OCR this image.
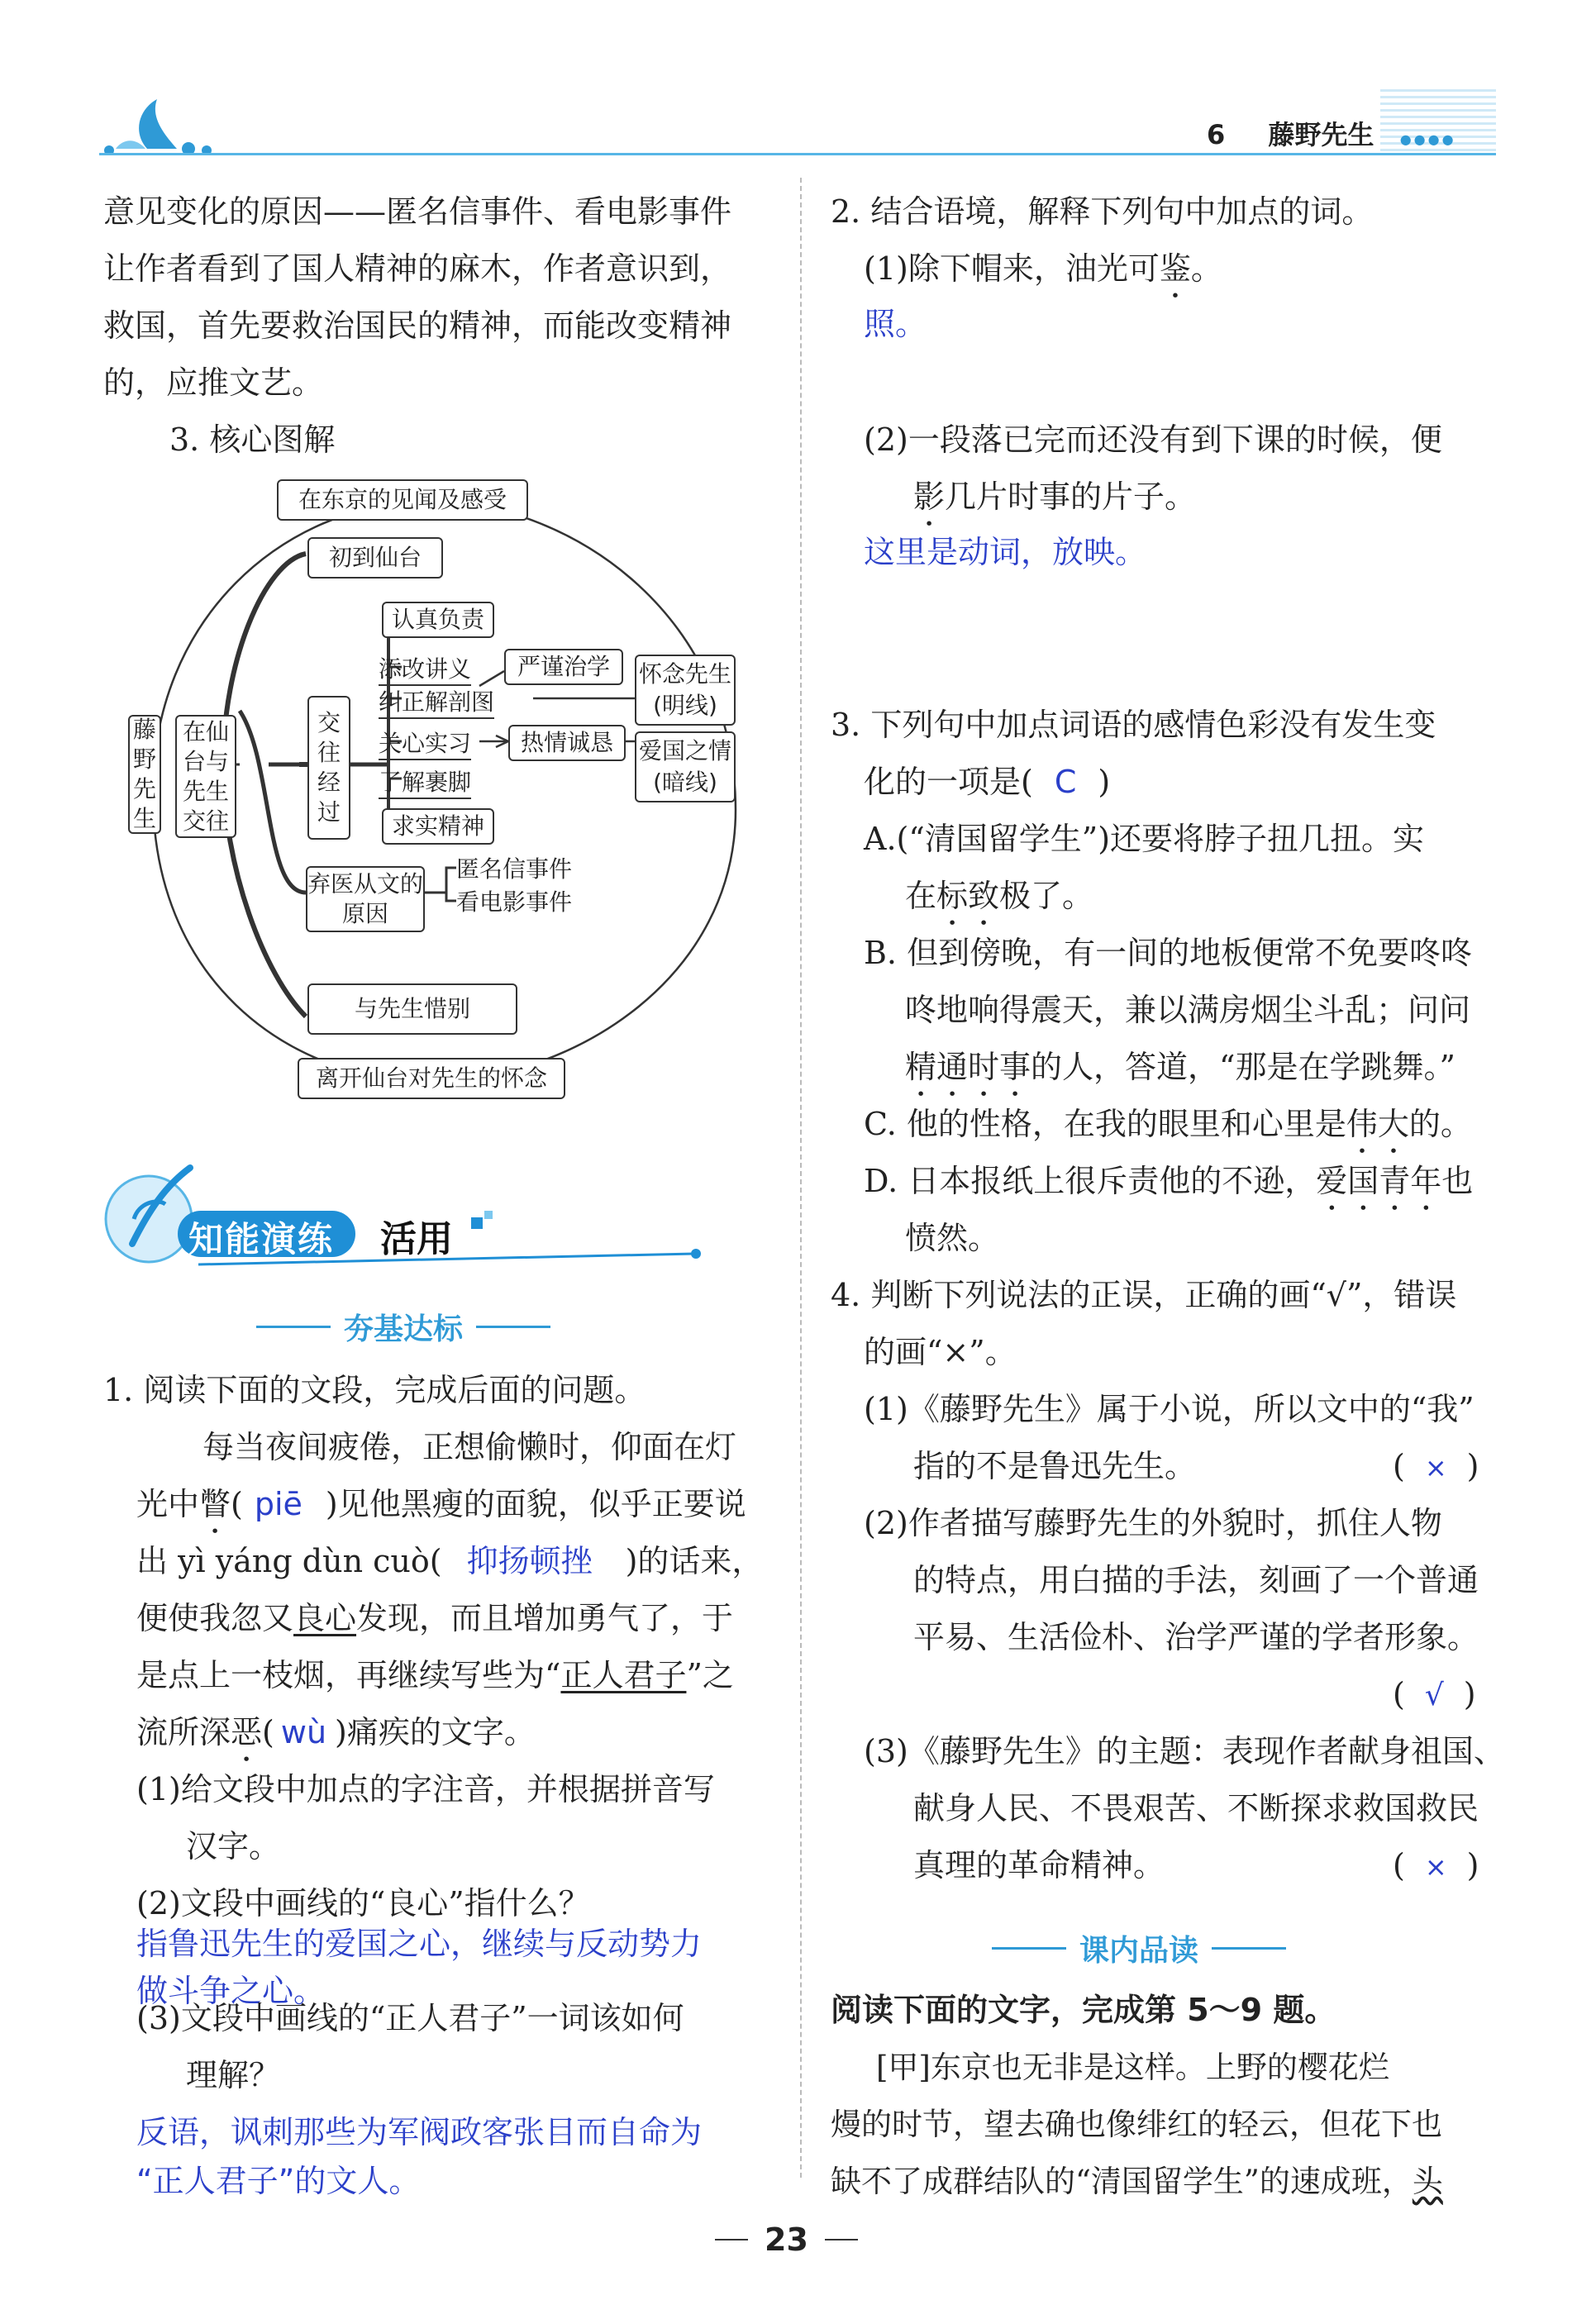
6 藤野先生 ●●●●
意见变化的原因——匿名信事件、看电影事件
让作者看到了国人精神的麻木，作者意识到，
救国，首先要救治国民的精神，而能改变精神
的，应推文艺。
3. 核心图解
在东京的见闻及感受
初到仙台
藤野先生
在仙台与先生交往
交往经过
认真负责
添改讲义
纠正解剖图
关心实习
了解裹脚
求实精神
严谨治学
热情诚恳
怀念先生(明线)
爱国之情(暗线)
弃医从文的原因
匿名信事件
看电影事件
与先生惜别
离开仙台对先生的怀念
知能演练 活用
夯基达标
1. 阅读下面的文段，完成后面的问题。
每当夜间疲倦，正想偷懒时，仰面在灯
光中瞥( piē )见他黑瘦的面貌，似乎正要说
出 yì yáng dùn cuò( 抑扬顿挫 )的话来，
便使我忽又良心发现，而且增加勇气了，于
是点上一枝烟，再继续写些为“正人君子”之
流所深恶( wù )痛疾的文字。
(1)给文段中加点的字注音，并根据拼音写
汉字。
(2)文段中画线的“良心”指什么？
指鲁迅先生的爱国之心，继续与反动势力
做斗争之心。
(3)文段中画线的“正人君子”一词该如何
理解？
反语，讽刺那些为军阀政客张目而自命为
“正人君子”的文人。
2. 结合语境，解释下列句中加点的词。
(1)除下帽来，油光可鉴。
照。
(2)一段落已完而还没有到下课的时候，便
影几片时事的片子。
这里是动词，放映。
3. 下列句中加点词语的感情色彩没有发生变
化的一项是( C )
A.(“清国留学生”)还要将脖子扭几扭。实
在标致极了。
B. 但到傍晚，有一间的地板便常不免要咚咚
咚地响得震天，兼以满房烟尘斗乱；问问
精通时事的人，答道，“那是在学跳舞。”
C. 他的性格，在我的眼里和心里是伟大的。
D. 日本报纸上很斥责他的不逊，爱国青年也
愤然。
4. 判断下列说法的正误，正确的画“√”，错误
的画“×”。
(1)《藤野先生》属于小说，所以文中的“我”
指的不是鲁迅先生。	( × )
(2)作者描写藤野先生的外貌时，抓住人物
的特点，用白描的手法，刻画了一个普通
平易、生活俭朴、治学严谨的学者形象。
( √ )
(3)《藤野先生》的主题：表现作者献身祖国、
献身人民、不畏艰苦、不断探求救国救民
真理的革命精神。	( × )
课内品读
阅读下面的文字，完成第 5～9 题。
[甲]东京也无非是这样。上野的樱花烂
熳的时节，望去确也像绯红的轻云，但花下也
缺不了成群结队的“清国留学生”的速成班，头
23
